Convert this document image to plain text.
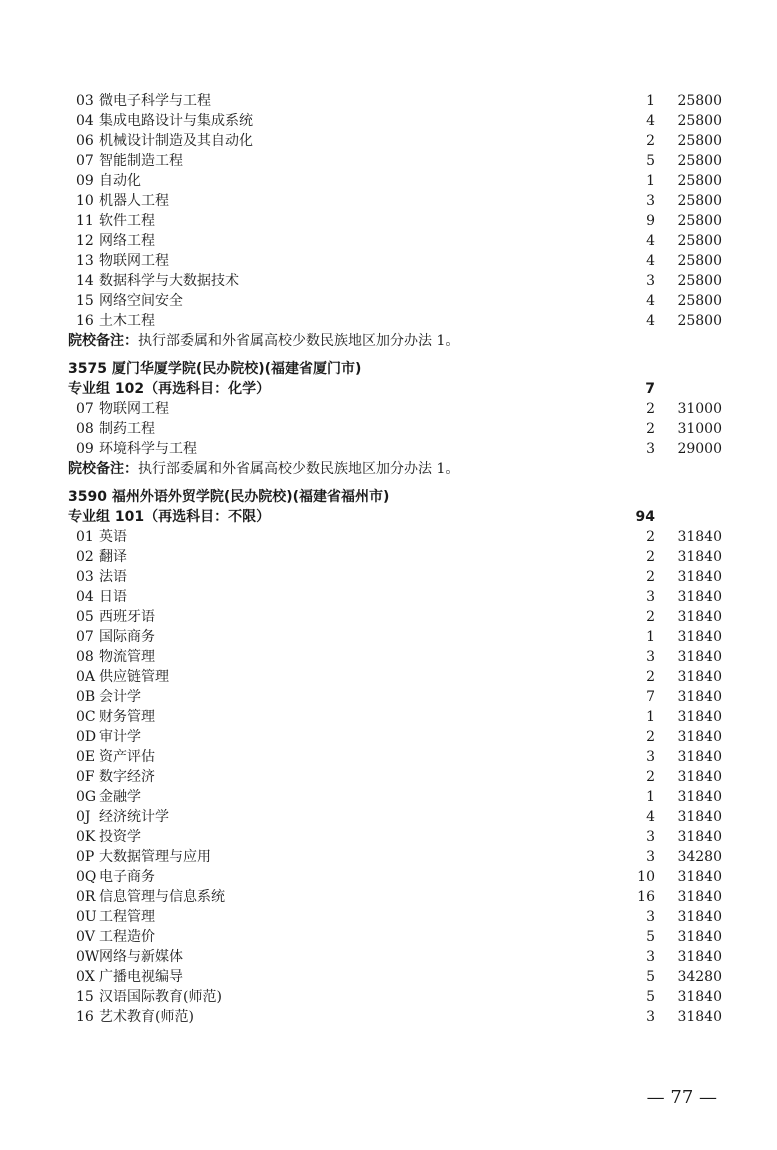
03 微电子科学与工程	1 25800
04 集成电路设计与集成系统	4 25800
06 机械设计制造及其自动化	2 25800
07 智能制造工程	5 25800
09 自动化	1 25800
10 机器人工程	3 25800
11 软件工程	9 25800
12 网络工程	4 25800
13 物联网工程	4 25800
14 数据科学与大数据技术	3 25800
15 网络空间安全	4 25800
16 土木工程	4 25800
院校备注：执行部委属和外省属高校少数民族地区加分办法 1。
3575 厦门华厦学院(民办院校)(福建省厦门市)
专业组 102（再选科目：化学）	7
07 物联网工程	2 31000
08 制药工程	2 31000
09 环境科学与工程	3 29000
院校备注：执行部委属和外省属高校少数民族地区加分办法 1。
3590 福州外语外贸学院(民办院校)(福建省福州市)
专业组 101（再选科目：不限）	94
01 英语	2 31840
02 翻译	2 31840
03 法语	2 31840
04 日语	3 31840
05 西班牙语	2 31840
07 国际商务	1 31840
08 物流管理	3 31840
0A 供应链管理	2 31840
0B 会计学	7 31840
0C 财务管理	1 31840
0D 审计学	2 31840
0E 资产评估	3 31840
0F 数字经济	2 31840
0G 金融学	1 31840
0J 经济统计学	4 31840
0K 投资学	3 31840
0P 大数据管理与应用	3 34280
0Q 电子商务	10 31840
0R 信息管理与信息系统	16 31840
0U 工程管理	3 31840
0V 工程造价	5 31840
0W 网络与新媒体	3 31840
0X 广播电视编导	5 34280
15 汉语国际教育(师范)	5 31840
16 艺术教育(师范)	3 31840
— 77 —
